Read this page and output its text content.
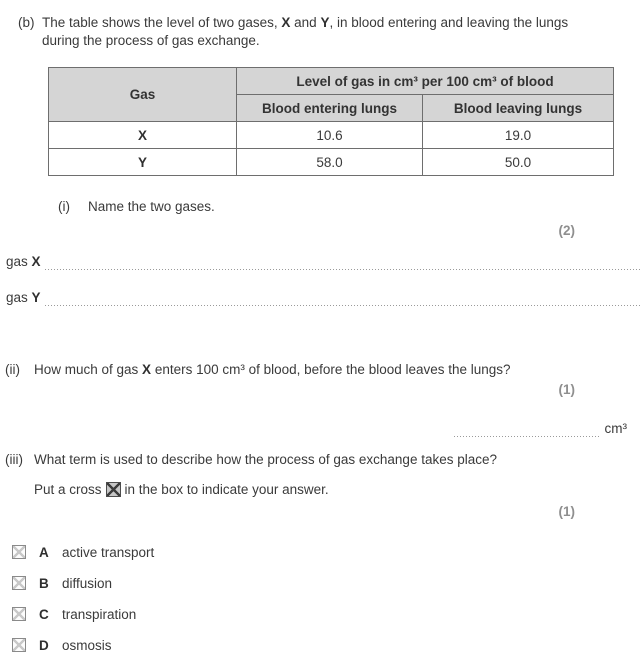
(b) The table shows the level of two gases, X and Y, in blood entering and leaving the lungs during the process of gas exchange.
Gas	Level of gas in cm³ per 100 cm³ of blood	
	Blood entering lungs	Blood leaving lungs
X	10.6	19.0
Y	58.0	50.0
(i)	Name the two gases.
(2)
gas X
gas Y
(ii)	How much of gas X enters 100 cm³ of blood, before the blood leaves the lungs?
(1)
cm³
(iii) What term is used to describe how the process of gas exchange takes place?
Put a cross ☒ in the box to indicate your answer.
(1)
A active transport
B diffusion
C transpiration
D osmosis
